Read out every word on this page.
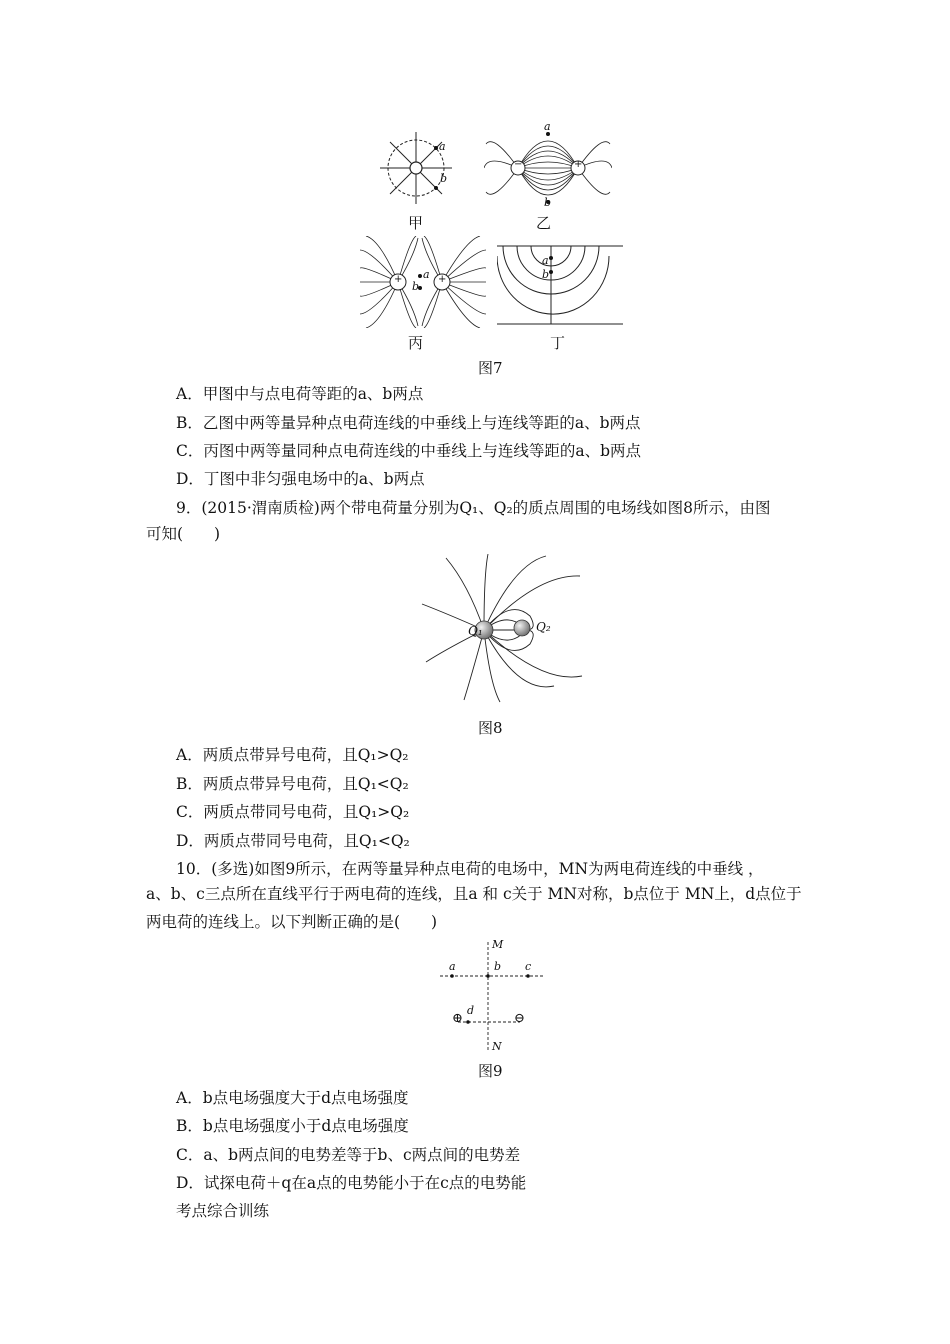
a
b
甲
−	+
a
b
乙
+	+
a
b
丙
a
b
丁
图7
A．甲图中与点电荷等距的a、b两点
B．乙图中两等量异种点电荷连线的中垂线上与连线等距的a、b两点
C．丙图中两等量同种点电荷连线的中垂线上与连线等距的a、b两点
D．丁图中非匀强电场中的a、b两点
9．(2015·渭南质检)两个带电荷量分别为Q₁、Q₂的质点周围的电场线如图8所示，由图
可知(　　)
Q₁	Q₂
图8
A．两质点带异号电荷，且Q₁>Q₂
B．两质点带异号电荷，且Q₁<Q₂
C．两质点带同号电荷，且Q₁>Q₂
D．两质点带同号电荷，且Q₁<Q₂
10．(多选)如图9所示，在两等量异种点电荷的电场中，MN为两电荷连线的中垂线 ，
a、b、c三点所在直线平行于两电荷的连线，且a 和 c关于 MN对称，b点位于 MN上，d点位于
两电荷的连线上。以下判断正确的是(　　)
M
a	b c
d
⊕	⊖
N
图9
A．b点电场强度大于d点电场强度
B．b点电场强度小于d点电场强度
C．a、b两点间的电势差等于b、c两点间的电势差
D．试探电荷＋q在a点的电势能小于在c点的电势能
考点综合训练
